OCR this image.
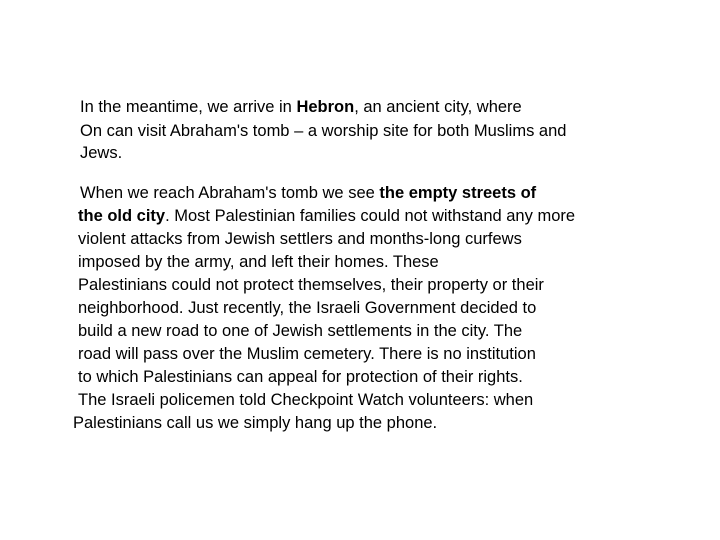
In the meantime, we arrive in Hebron, an ancient city, where
On can visit Abraham's tomb – a worship site for both Muslims and
Jews.
When we reach Abraham's tomb we see the empty streets of
the old city. Most Palestinian families could not withstand any more
violent attacks from Jewish settlers and months-long curfews
imposed by the army, and left their homes. These
Palestinians could not protect themselves, their property or their
neighborhood. Just recently, the Israeli Government decided to
build a new road to one of Jewish settlements in the city. The
road will pass over the Muslim cemetery. There is no institution
to which Palestinians can appeal for protection of their rights.
The Israeli policemen told Checkpoint Watch volunteers: when
Palestinians call us we simply hang up the phone.
